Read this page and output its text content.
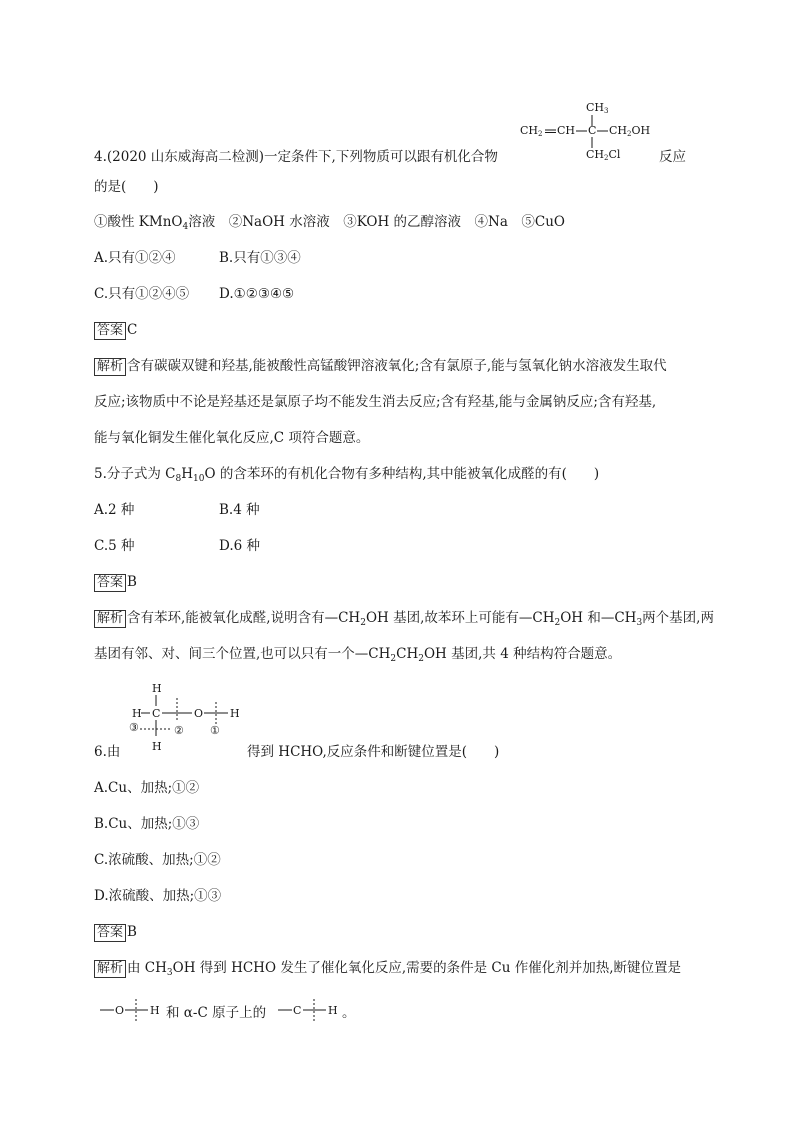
CH3
CH2 CH C CH2OH
CH2Cl
4.(2020 山东威海高二检测)一定条件下,下列物质可以跟有机化合物	反应
的是(　　)
①酸性 KMnO$_4$溶液　②NaOH 水溶液　③KOH 的乙醇溶液　④Na　⑤CuO
A.只有①②④	B.只有①③④
C.只有①②④⑤ D.①②③④⑤
答案 C
解析 含有碳碳双键和羟基,能被酸性高锰酸钾溶液氧化;含有氯原子,能与氢氧化钠水溶液发生取代
反应;该物质中不论是羟基还是氯原子均不能发生消去反应;含有羟基,能与金属钠反应;含有羟基,
能与氧化铜发生催化氧化反应,C 项符合题意。
5.分子式为 $C_8H_{10}O$ 的含苯环的有机化合物有多种结构,其中能被氧化成醛的有(　　)
A.2 种	B.4 种
C.5 种	D.6 种
答案 B
解析 含有苯环,能被氧化成醛,说明含有$—CH_2OH$ 基团,故苯环上可能有$—CH_2OH$ 和$—CH_3$两个基团,两
基团有邻、对、间三个位置,也可以只有一个$—CH_2CH_2OH$ 基团,共 4 种结构符合题意。
H
H C	O H
H
①
②
③
6.由	得到 HCHO,反应条件和断键位置是(　　)
A.Cu、加热;①②
B.Cu、加热;①③
C.浓硫酸、加热;①②
D.浓硫酸、加热;①③
答案 B
解析 由 $CH_3OH$ 得到 HCHO 发生了催化氧化反应,需要的条件是 Cu 作催化剂并加热,断键位置是
O H 和 α-C 原子上的 C H 。
